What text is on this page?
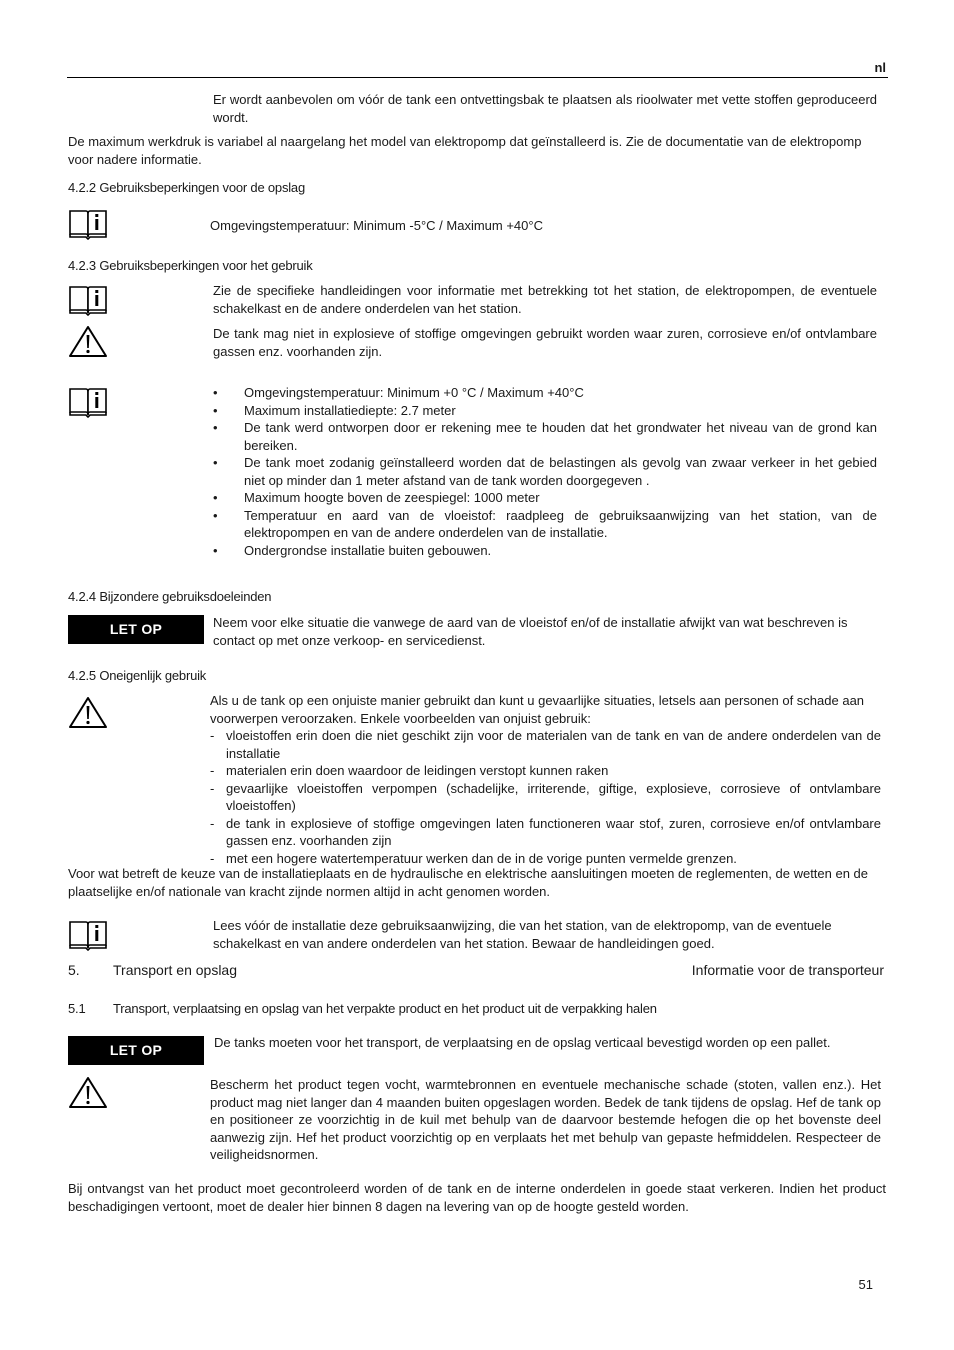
nl
Er wordt aanbevolen om vóór de tank een ontvettingsbak te plaatsen als rioolwater met vette stoffen geproduceerd wordt.
De maximum werkdruk is variabel al naargelang het model van elektropomp dat geïnstalleerd is. Zie de documentatie van de elektropomp voor nadere informatie.
4.2.2 Gebruiksbeperkingen voor de opslag
Omgevingstemperatuur: Minimum -5°C / Maximum +40°C
4.2.3 Gebruiksbeperkingen voor het gebruik
Zie de specifieke handleidingen voor informatie met betrekking tot het station, de elektropompen, de eventuele schakelkast en de andere onderdelen van het station.
De tank mag niet in explosieve of stoffige omgevingen gebruikt worden waar zuren, corrosieve en/of ontvlambare gassen enz. voorhanden zijn.
• Omgevingstemperatuur: Minimum +0 °C / Maximum +40°C
• Maximum installatiediepte: 2.7 meter
• De tank werd ontworpen door er rekening mee te houden dat het grondwater het niveau van de grond kan bereiken.
• De tank moet zodanig geïnstalleerd worden dat de belastingen als gevolg van zwaar verkeer in het gebied niet op minder dan 1 meter afstand van de tank worden doorgegeven .
• Maximum hoogte boven de zeespiegel: 1000 meter
• Temperatuur en aard van de vloeistof: raadpleeg de gebruiksaanwijzing van het station, van de elektropompen en van de andere onderdelen van de installatie.
• Ondergrondse installatie buiten gebouwen.
4.2.4 Bijzondere gebruiksdoeleinden
LET OP	Neem voor elke situatie die vanwege de aard van de vloeistof en/of de installatie afwijkt van wat beschreven is contact op met onze verkoop- en servicedienst.
4.2.5 Oneigenlijk gebruik
Als u de tank op een onjuiste manier gebruikt dan kunt u gevaarlijke situaties, letsels aan personen of schade aan voorwerpen veroorzaken. Enkele voorbeelden van onjuist gebruik:
- vloeistoffen erin doen die niet geschikt zijn voor de materialen van de tank en van de andere onderdelen van de installatie
- materialen erin doen waardoor de leidingen verstopt kunnen raken
- gevaarlijke vloeistoffen verpompen (schadelijke, irriterende, giftige, explosieve, corrosieve of ontvlambare vloeistoffen)
- de tank in explosieve of stoffige omgevingen laten functioneren waar stof, zuren, corrosieve en/of ontvlambare gassen enz. voorhanden zijn
- met een hogere watertemperatuur werken dan de in de vorige punten vermelde grenzen.
Voor wat betreft de keuze van de installatieplaats en de hydraulische en elektrische aansluitingen moeten de reglementen, de wetten en de plaatselijke en/of nationale van kracht zijnde normen altijd in acht genomen worden.
Lees vóór de installatie deze gebruiksaanwijzing, die van het station, van de elektropomp, van de eventuele schakelkast en van andere onderdelen van het station. Bewaar de handleidingen goed.
5. Transport en opslag	Informatie voor de transporteur
5.1 Transport, verplaatsing en opslag van het verpakte product en het product uit de verpakking halen
LET OP	De tanks moeten voor het transport, de verplaatsing en de opslag verticaal bevestigd worden op een pallet.
Bescherm het product tegen vocht, warmtebronnen en eventuele mechanische schade (stoten, vallen enz.). Het product mag niet langer dan 4 maanden buiten opgeslagen worden. Bedek de tank tijdens de opslag. Hef de tank op en positioneer ze voorzichtig in de kuil met behulp van de daarvoor bestemde hefogen die op het bovenste deel aanwezig zijn. Hef het product voorzichtig op en verplaats het met behulp van gepaste hefmiddelen. Respecteer de veiligheidsnormen.
Bij ontvangst van het product moet gecontroleerd worden of de tank en de interne onderdelen in goede staat verkeren. Indien het product beschadigingen vertoont, moet de dealer hier binnen 8 dagen na levering van op de hoogte gesteld worden.
51
